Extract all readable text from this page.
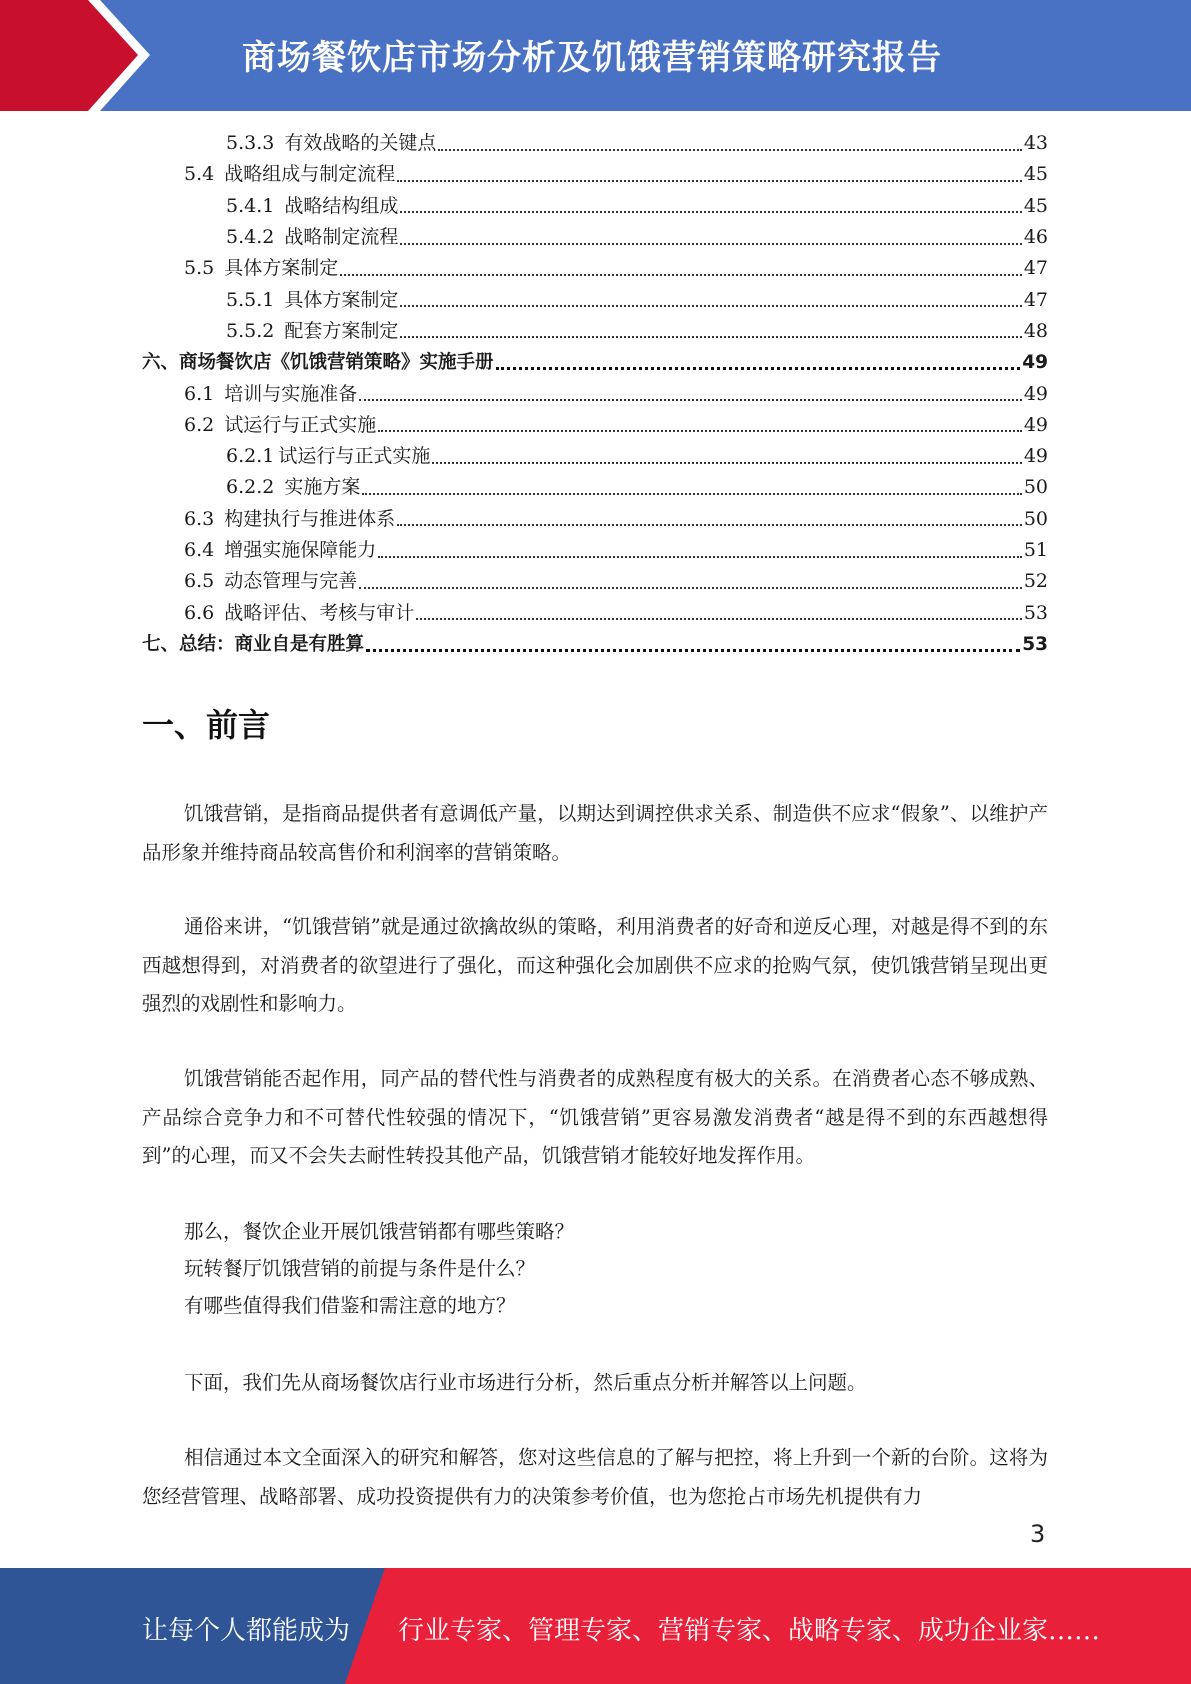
商场餐饮店市场分析及饥饿营销策略研究报告
5.3.3 有效战略的关键点	43
5.4 战略组成与制定流程	45
5.4.1 战略结构组成	45
5.4.2 战略制定流程	46
5.5 具体方案制定	47
5.5.1 具体方案制定	47
5.5.2 配套方案制定	48
六、商场餐饮店《饥饿营销策略》实施手册	49
6.1 培训与实施准备	49
6.2 试运行与正式实施	49
6.2.1 试运行与正式实施	49
6.2.2 实施方案	50
6.3 构建执行与推进体系	50
6.4 增强实施保障能力	51
6.5 动态管理与完善	52
6.6 战略评估、考核与审计	53
七、总结：商业自是有胜算	53
一、前言

饥饿营销，是指商品提供者有意调低产量，以期达到调控供求关系、制造供不应求“假象”、以维护产品形象并维持商品较高售价和利润率的营销策略。

通俗来讲，“饥饿营销”就是通过欲擒故纵的策略，利用消费者的好奇和逆反心理，对越是得不到的东西越想得到，对消费者的欲望进行了强化，而这种强化会加剧供不应求的抢购气氛，使饥饿营销呈现出更强烈的戏剧性和影响力。

饥饿营销能否起作用，同产品的替代性与消费者的成熟程度有极大的关系。在消费者心态不够成熟、产品综合竞争力和不可替代性较强的情况下，“饥饿营销”更容易激发消费者“越是得不到的东西越想得到”的心理，而又不会失去耐性转投其他产品，饥饿营销才能较好地发挥作用。

那么，餐饮企业开展饥饿营销都有哪些策略？
玩转餐厅饥饿营销的前提与条件是什么？
有哪些值得我们借鉴和需注意的地方？

下面，我们先从商场餐饮店行业市场进行分析，然后重点分析并解答以上问题。

相信通过本文全面深入的研究和解答，您对这些信息的了解与把控，将上升到一个新的台阶。这将为您经营管理、战略部署、成功投资提供有力的决策参考价值，也为您抢占市场先机提供有力

3
让每个人都能成为 行业专家、管理专家、营销专家、战略专家、成功企业家……
